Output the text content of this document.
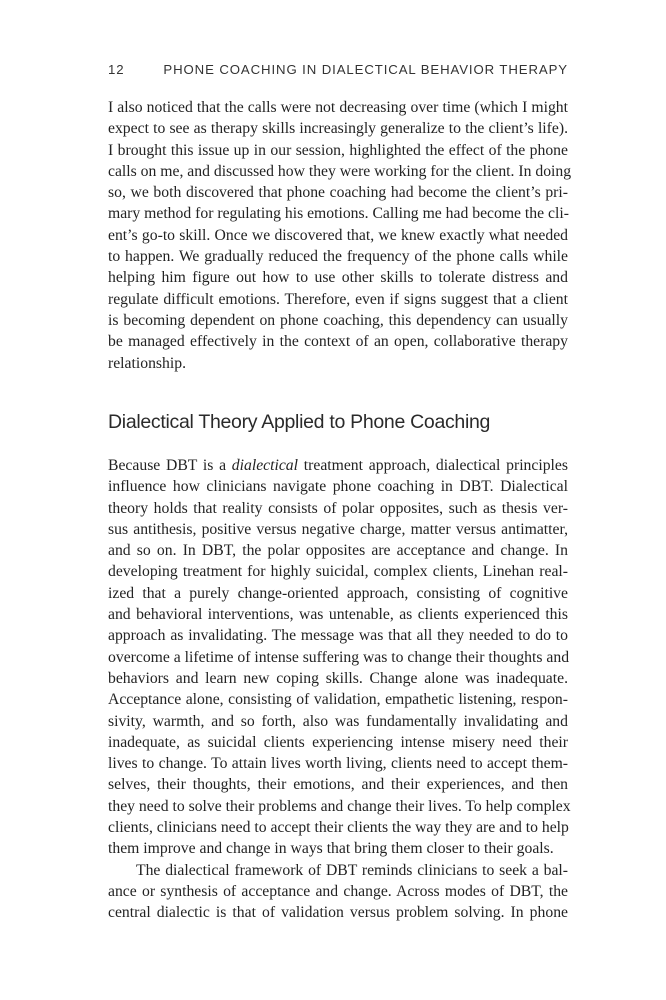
12	PHONE COACHING IN DIALECTICAL BEHAVIOR THERAPY
I also noticed that the calls were not decreasing over time (which I might
expect to see as therapy skills increasingly generalize to the client’s life).
I brought this issue up in our session, highlighted the effect of the phone
calls on me, and discussed how they were working for the client. In doing
so, we both discovered that phone coaching had become the client’s pri-
mary method for regulating his emotions. Calling me had become the cli-
ent’s go-to skill. Once we discovered that, we knew exactly what needed
to happen. We gradually reduced the frequency of the phone calls while
helping him figure out how to use other skills to tolerate distress and
regulate difficult emotions. Therefore, even if signs suggest that a client
is becoming dependent on phone coaching, this dependency can usually
be managed effectively in the context of an open, collaborative therapy
relationship.
Dialectical Theory Applied to Phone Coaching
Because DBT is a dialectical treatment approach, dialectical principles
influence how clinicians navigate phone coaching in DBT. Dialectical
theory holds that reality consists of polar opposites, such as thesis ver-
sus antithesis, positive versus negative charge, matter versus antimatter,
and so on. In DBT, the polar opposites are acceptance and change. In
developing treatment for highly suicidal, complex clients, Linehan real-
ized that a purely change-oriented approach, consisting of cognitive
and behavioral interventions, was untenable, as clients experienced this
approach as invalidating. The message was that all they needed to do to
overcome a lifetime of intense suffering was to change their thoughts and
behaviors and learn new coping skills. Change alone was inadequate.
Acceptance alone, consisting of validation, empathetic listening, respon-
sivity, warmth, and so forth, also was fundamentally invalidating and
inadequate, as suicidal clients experiencing intense misery need their
lives to change. To attain lives worth living, clients need to accept them-
selves, their thoughts, their emotions, and their experiences, and then
they need to solve their problems and change their lives. To help complex
clients, clinicians need to accept their clients the way they are and to help
them improve and change in ways that bring them closer to their goals.
The dialectical framework of DBT reminds clinicians to seek a bal-
ance or synthesis of acceptance and change. Across modes of DBT, the
central dialectic is that of validation versus problem solving. In phone
